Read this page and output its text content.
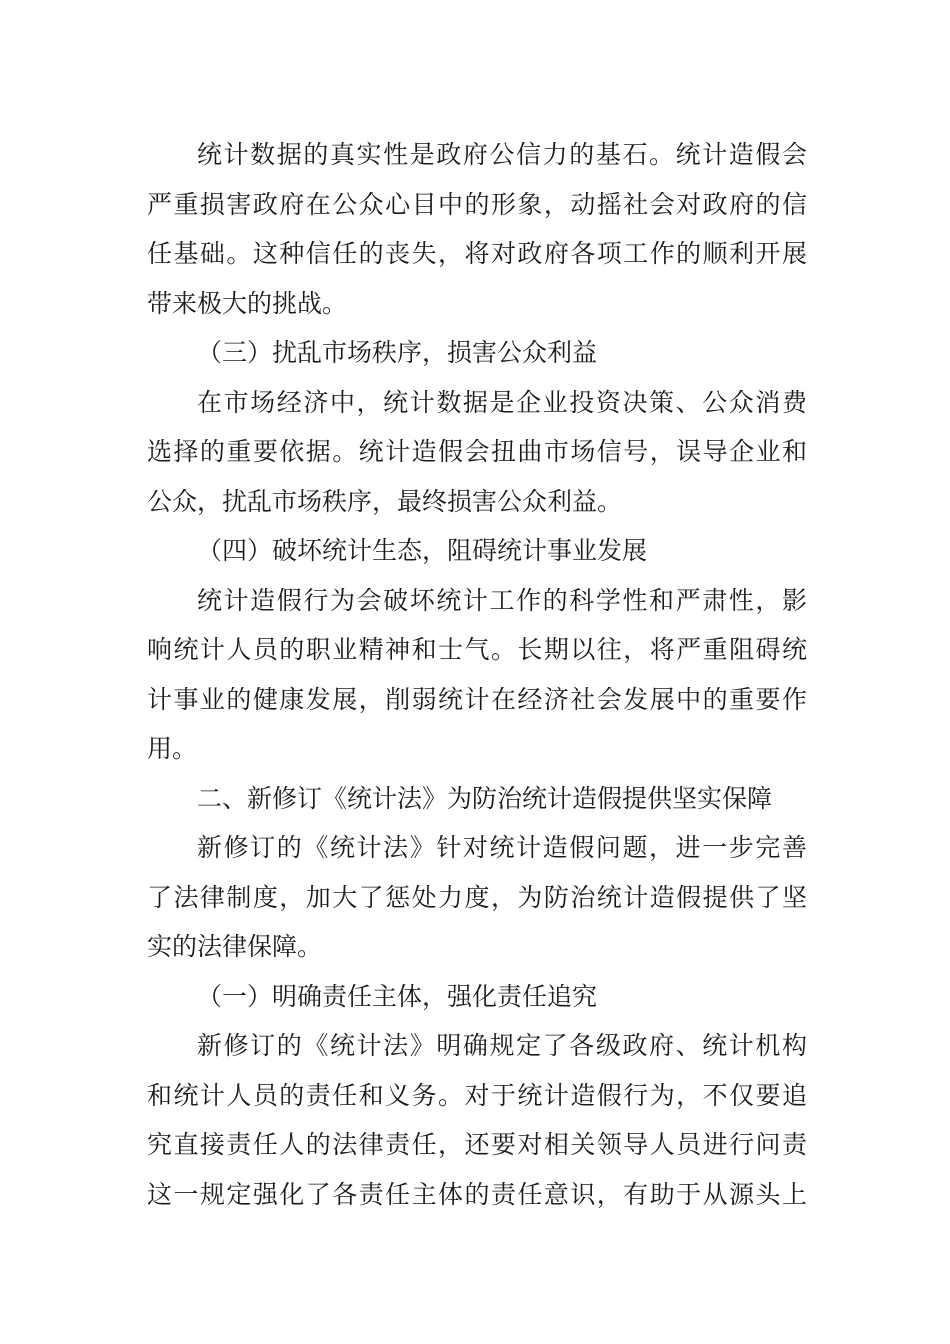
统计数据的真实性是政府公信力的基石。统计造假会
严重损害政府在公众心目中的形象，动摇社会对政府的信
任基础。这种信任的丧失，将对政府各项工作的顺利开展
带来极大的挑战。
（三）扰乱市场秩序，损害公众利益
在市场经济中，统计数据是企业投资决策、公众消费
选择的重要依据。统计造假会扭曲市场信号，误导企业和
公众，扰乱市场秩序，最终损害公众利益。
（四）破坏统计生态，阻碍统计事业发展
统计造假行为会破坏统计工作的科学性和严肃性，影
响统计人员的职业精神和士气。长期以往，将严重阻碍统
计事业的健康发展，削弱统计在经济社会发展中的重要作
用。
二、新修订《统计法》为防治统计造假提供坚实保障
新修订的《统计法》针对统计造假问题，进一步完善
了法律制度，加大了惩处力度，为防治统计造假提供了坚
实的法律保障。
（一）明确责任主体，强化责任追究
新修订的《统计法》明确规定了各级政府、统计机构
和统计人员的责任和义务。对于统计造假行为，不仅要追
究直接责任人的法律责任，还要对相关领导人员进行问责
这一规定强化了各责任主体的责任意识，有助于从源头上
